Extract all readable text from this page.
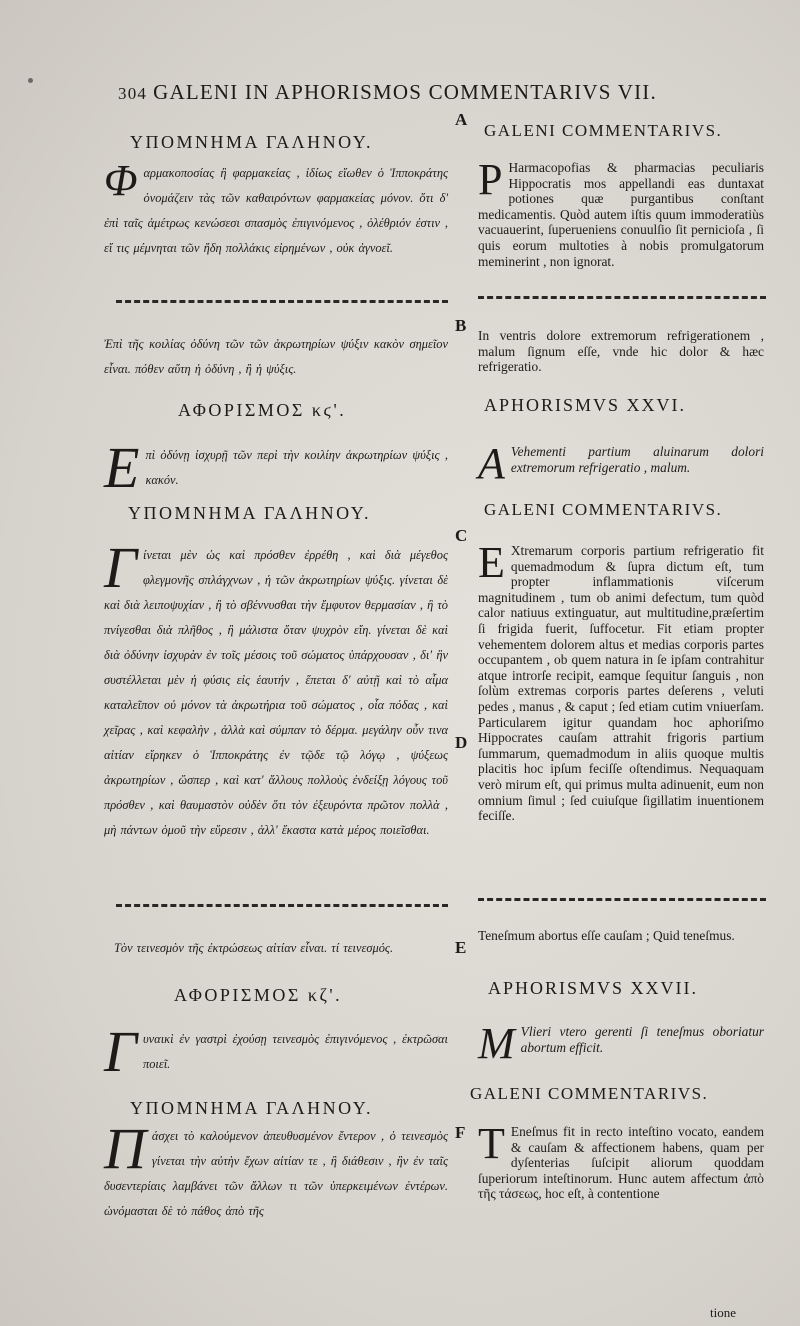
304 GALENI IN APHORISMOS COMMENTARIVS VII.
A
B
C
D
E
F
ΥΠΟΜΝΗΜΑ ΓΑΛΗΝΟΥ.
Φαρμακοποσίας ἢ φαρμακείας , ἰδίως εἴωθεν ὁ Ἱπποκράτης ὀνομάζειν τὰς τῶν καθαιρόντων φαρμακείας μόνον. ὅτι δ' ἐπὶ ταῖς ἀμέτρως κενώσεσι σπασμὸς ἐπιγινόμενος , ὀλέθριόν ἐστιν , εἴ τις μέμνηται τῶν ἤδη πολλάκις εἰρημένων , οὐκ ἀγνοεῖ.
Ἐπὶ τῆς κοιλίας ὀδύνη τῶν τῶν ἀκρωτηρίων ψύξιν κακὸν σημεῖον εἶναι. πόθεν αὕτη ἡ ὀδύνη , ἢ ἡ ψύξις.
ΑΦΟΡΙΣΜΟΣ κϛ'.
Επὶ ὀδύνῃ ἰσχυρῇ τῶν περὶ τὴν κοιλίην ἀκρωτηρίων ψύξις , κακόν.
ΥΠΟΜΝΗΜΑ ΓΑΛΗΝΟΥ.
Γίνεται μὲν ὡς καὶ πρόσθεν ἐρρέθη , καὶ διὰ μέγεθος φλεγμονῆς σπλάγχνων , ἡ τῶν ἀκρωτηρίων ψύξις. γίνεται δὲ καὶ διὰ λειποψυχίαν , ἢ τὸ σβέννυσθαι τὴν ἔμφυτον θερμασίαν , ἢ τὸ πνίγεσθαι διὰ πλῆθος , ἢ μάλιστα ὅταν ψυχρὸν εἴη. γίνεται δὲ καὶ διὰ ὀδύνην ἰσχυρὰν ἐν τοῖς μέσοις τοῦ σώματος ὑπάρχουσαν , δι' ἣν συστέλλεται μὲν ἡ φύσις εἰς ἑαυτήν , ἕπεται δ' αὐτῇ καὶ τὸ αἷμα καταλεῖπον οὐ μόνον τὰ ἀκρωτήρια τοῦ σώματος , οἷα πόδας , καὶ χεῖρας , καὶ κεφαλὴν , ἀλλὰ καὶ σύμπαν τὸ δέρμα. μεγάλην οὖν τινα αἰτίαν εἴρηκεν ὁ Ἱπποκράτης ἐν τῷδε τῷ λόγῳ , ψύξεως ἀκρωτηρίων , ὥσπερ , καὶ κατ' ἄλλους πολλοὺς ἐνδείξῃ λόγους τοῦ πρόσθεν , καὶ θαυμαστὸν οὐδὲν ὅτι τὸν ἐξευρόντα πρῶτον πολλὰ , μὴ πάντων ὁμοῦ τὴν εὕρεσιν , ἀλλ' ἕκαστα κατὰ μέρος ποιεῖσθαι.
Τὸν τεινεσμὸν τῆς ἐκτρώσεως αἰτίαν εἶναι. τί τεινεσμός.
ΑΦΟΡΙΣΜΟΣ κζ'.
Γυναικὶ ἐν γαστρὶ ἐχούσῃ τεινεσμὸς ἐπιγινόμενος , ἐκτρῶσαι ποιεῖ.
ΥΠΟΜΝΗΜΑ ΓΑΛΗΝΟΥ.
Πάσχει τὸ καλούμενον ἀπευθυσμένον ἔντερον , ὁ τεινεσμὸς γίνεται τὴν αὐτὴν ἔχων αἰτίαν τε , ἢ διάθεσιν , ἣν ἐν ταῖς δυσεντερίαις λαμβάνει τῶν ἄλλων τι τῶν ὑπερκειμένων ἐντέρων. ὠνόμασται δὲ τὸ πάθος ἀπὸ τῆς
GALENI COMMENTARIVS.
P Harmacopofias & pharmacias peculiaris Hippocratis mos appellandi eas duntaxat potiones quæ purgantibus conſtant medicamentis. Quòd autem iſtis quum immoderatiùs vacuauerint, ſuperueniens conuulſio ſit pernicioſa , ſi quis eorum multoties à nobis promulgatorum meminerint , non ignorat.
In ventris dolore extremorum refrigerationem , malum ſignum eſſe, vnde hic dolor & hæc refrigeratio.
APHORISMVS XXVI.
A Vehementi partium aluinarum dolori extremorum refrigeratio , malum.
GALENI COMMENTARIVS.
E Xtremarum corporis partium refrigeratio fit quemadmodum & ſupra dictum eſt, tum propter inflammationis viſcerum magnitudinem , tum ob animi defectum, tum quòd calor natiuus extinguatur, aut multitudine,præſertim ſi frigida fuerit, ſuffocetur. Fit etiam propter vehementem dolorem altus et medias corporis partes occupantem , ob quem natura in ſe ipſam contrahitur atque introrſe recipit, eamque ſequitur ſanguis , non ſolùm extremas corporis partes deſerens , veluti pedes , manus , & caput ; ſed etiam cutim vniuerſam. Particularem igitur quandam hoc aphoriſmo Hippocrates cauſam attrahit frigoris partium ſummarum, quemadmodum in aliis quoque multis placitis hoc ipſum feciſſe oſtendimus. Nequaquam verò mirum eſt, qui primus multa adinuenit, eum non omnium ſimul ; ſed cuiuſque ſigillatim inuentionem feciſſe.
Teneſmum abortus eſſe cauſam ; Quid teneſmus.
APHORISMVS XXVII.
M Vlieri vtero gerenti ſi teneſmus oboriatur abortum efficit.
GALENI COMMENTARIVS.
T Eneſmus fit in recto inteſtino vocato, eandem & cauſam & affectionem habens, quam per dyſenterias ſuſcipit aliorum quoddam ſuperiorum inteſtinorum. Hunc autem affectum ἀπὸ τῆς τάσεως, hoc eſt, à contentione
tione
